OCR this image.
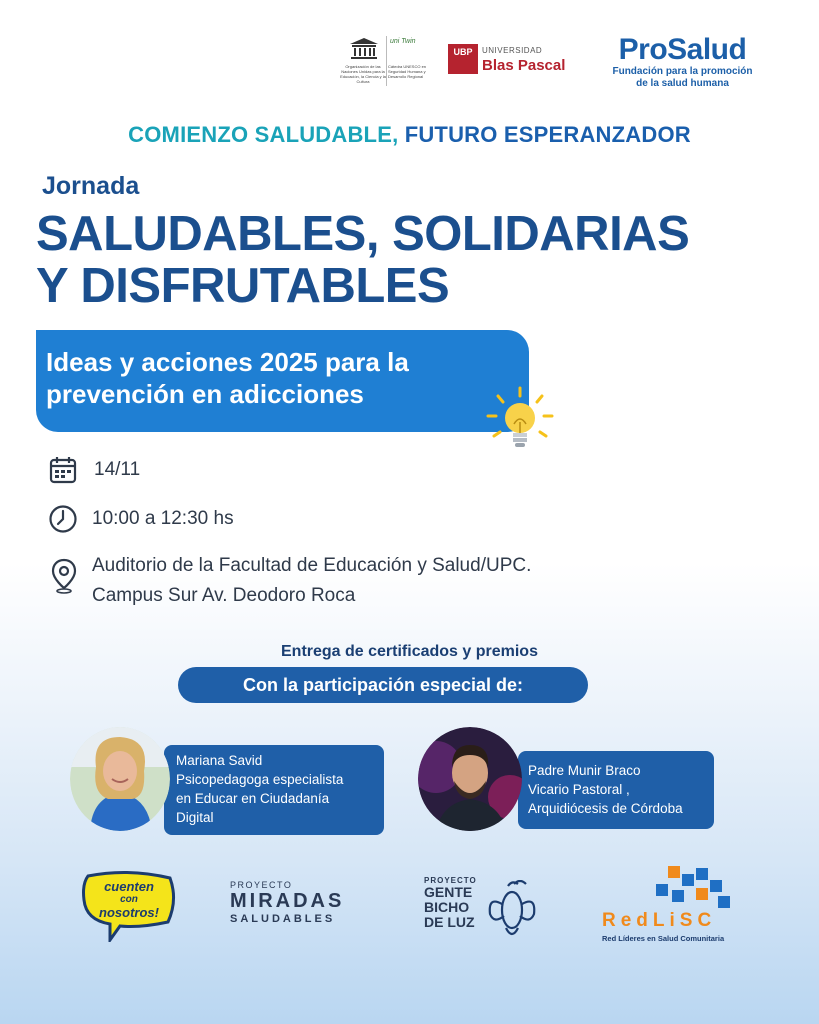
uni Twin
Organización de las Naciones Unidas para la Educación, la Ciencia y la Cultura
Cátedra UNESCO en Seguridad Humana y Desarrollo Regional
UBP	UNIVERSIDAD
Blas Pascal	ProSalud
Fundación para la promoción
de la salud humana
COMIENZO SALUDABLE, FUTURO ESPERANZADOR
Jornada
SALUDABLES, SOLIDARIAS
Y DISFRUTABLES
Ideas y acciones 2025 para la
prevención en adicciones
14/11
10:00 a 12:30 hs
Auditorio de la Facultad de Educación y Salud/UPC.
Campus Sur Av. Deodoro Roca
Entrega de certificados y premios
Con la participación especial de:
Mariana Savid
Psicopedagoga especialista
en Educar en Ciudadanía
Digital
Padre Munir Braco
Vicario Pastoral ,
Arquidiócesis de Córdoba
cuenten
con
nosotros!
PROYECTO
MIRADAS
SALUDABLES
PROYECTO
GENTE
BICHO
DE LUZ	RedLiSC
Red Líderes en Salud Comunitaria
